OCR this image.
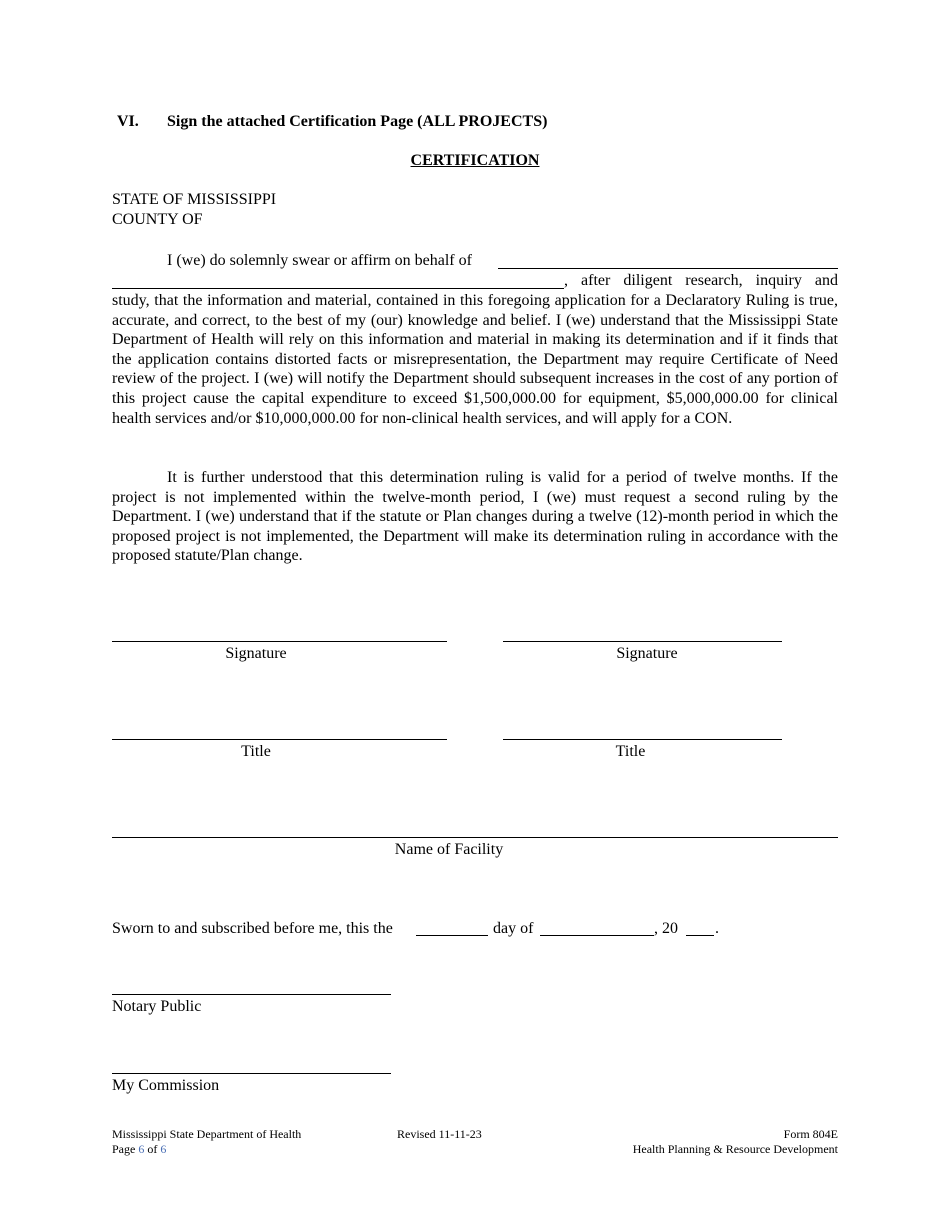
VI. Sign the attached Certification Page (ALL PROJECTS)
CERTIFICATION
STATE OF MISSISSIPPI
COUNTY OF
I (we) do solemnly swear or affirm on behalf of
, after diligent research, inquiry and
study, that the information and material, contained in this foregoing application for a Declaratory Ruling is true, accurate, and correct, to the best of my (our) knowledge and belief. I (we) understand that the Mississippi State Department of Health will rely on this information and material in making its determination and if it finds that the application contains distorted facts or misrepresentation, the Department may require Certificate of Need review of the project. I (we) will notify the Department should subsequent increases in the cost of any portion of this project cause the capital expenditure to exceed $1,500,000.00 for equipment, $5,000,000.00 for clinical health services and/or $10,000,000.00 for non-clinical health services, and will apply for a CON.
It is further understood that this determination ruling is valid for a period of twelve months. If the project is not implemented within the twelve-month period, I (we) must request a second ruling by the Department. I (we) understand that if the statute or Plan changes during a twelve (12)-month period in which the proposed project is not implemented, the Department will make its determination ruling in accordance with the proposed statute/Plan change.
Signature	Signature
Title	Title
Name of Facility
Sworn to and subscribed before me, this the	day of	, 20 .
Notary Public
My Commission
Mississippi State Department of Health
Page 6 of 6
Revised 11-11-23	Form 804E
Health Planning & Resource Development
